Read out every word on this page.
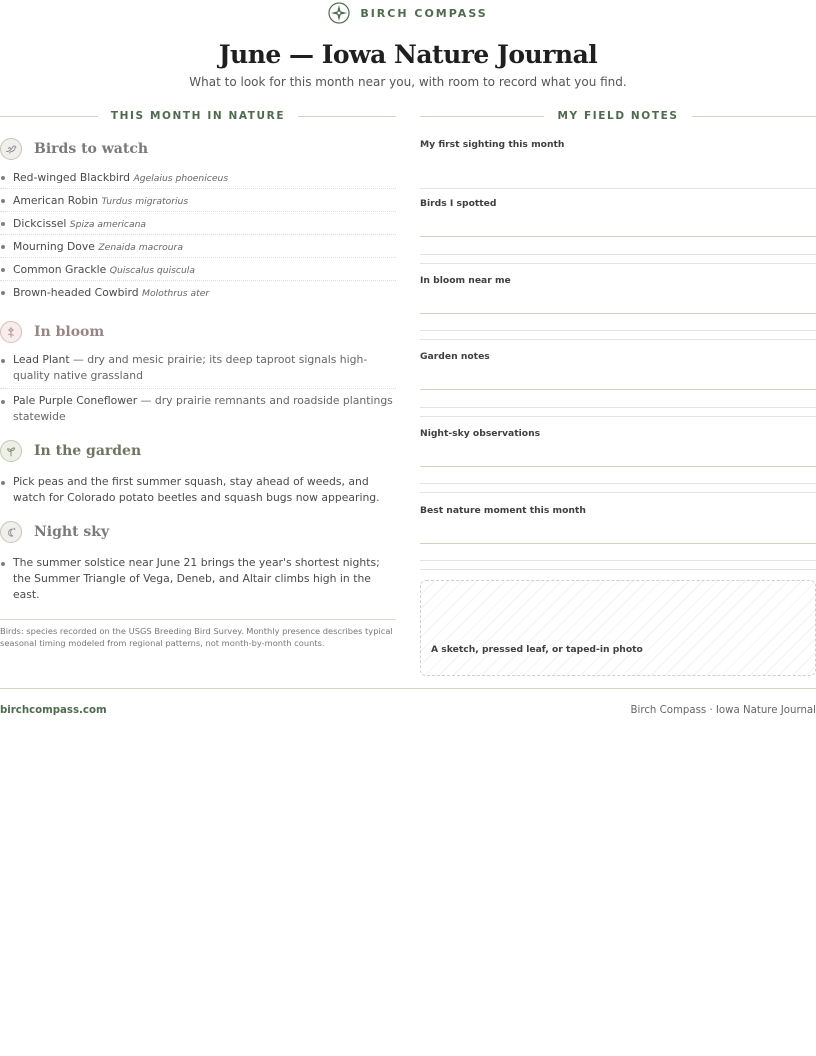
BIRCH COMPASS
June — Iowa Nature Journal
What to look for this month near you, with room to record what you find.
THIS MONTH IN NATURE	MY FIELD NOTES
Birds to watch
Red-winged Blackbird Agelaius phoeniceus
American Robin Turdus migratorius
Dickcissel Spiza americana
Mourning Dove Zenaida macroura
Common Grackle Quiscalus quiscula
Brown-headed Cowbird Molothrus ater
In bloom
Lead Plant — dry and mesic prairie; its deep taproot signals high-quality native grassland
Pale Purple Coneflower — dry prairie remnants and roadside plantings statewide
In the garden
Pick peas and the first summer squash, stay ahead of weeds, and watch for Colorado potato beetles and squash bugs now appearing.
Night sky
The summer solstice near June 21 brings the year's shortest nights; the Summer Triangle of Vega, Deneb, and Altair climbs high in the east.
Birds: species recorded on the USGS Breeding Bird Survey. Monthly presence describes typical seasonal timing modeled from regional patterns, not month-by-month counts.
My first sighting this month
Birds I spotted
In bloom near me
Garden notes
Night-sky observations
Best nature moment this month
A sketch, pressed leaf, or taped-in photo
birchcompass.com	Birch Compass · Iowa Nature Journal
